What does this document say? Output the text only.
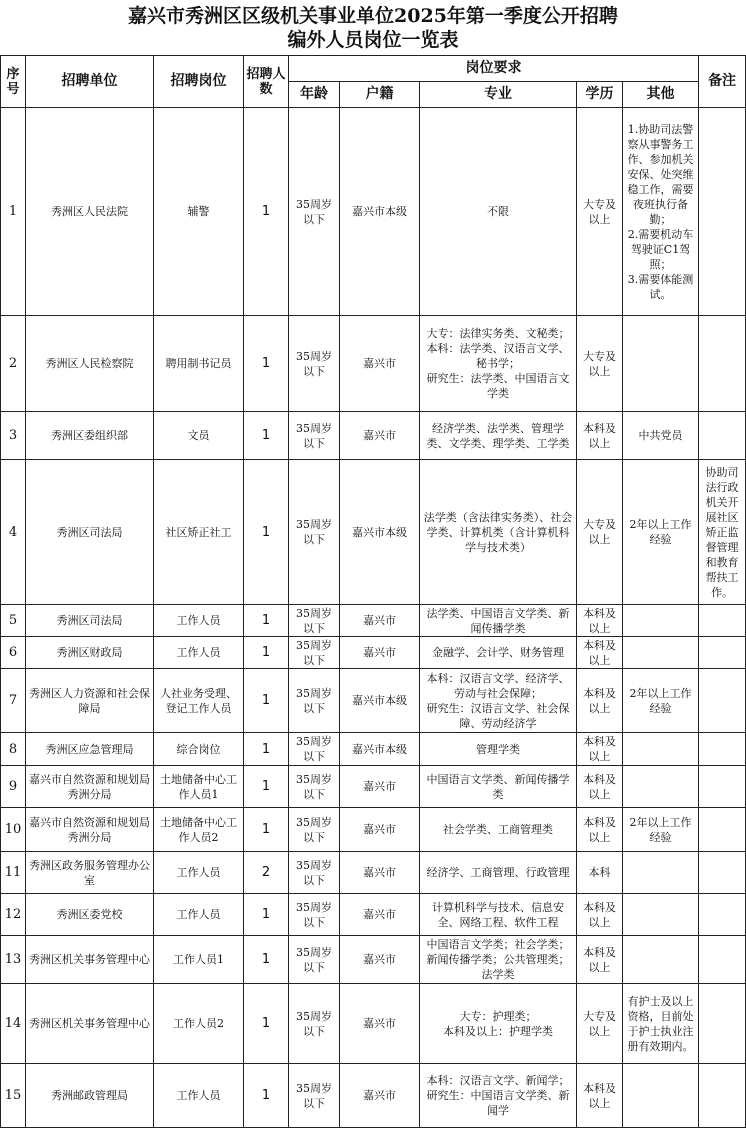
嘉兴市秀洲区区级机关事业单位2025年第一季度公开招聘
编外人员岗位一览表
序号	招聘单位	招聘岗位	招聘人数	岗位要求					备注
				年龄	户籍	专业	学历	其他	
1	秀洲区人民法院	辅警	1	35周岁以下	嘉兴市本级	不限	大专及以上	1.协助司法警察从事警务工作、参加机关安保、处突维稳工作，需要夜班执行备勤；
2.需要机动车驾驶证C1驾照；
3.需要体能测试。	
2	秀洲区人民检察院	聘用制书记员	1	35周岁以下	嘉兴市	大专：法律实务类、文秘类；
本科：法学类、汉语言文学、秘书学；
研究生：法学类、中国语言文学类	大专及以上		
3	秀洲区委组织部	文员	1	35周岁以下	嘉兴市	经济学类、法学类、管理学类、文学类、理学类、工学类	本科及以上	中共党员	
4	秀洲区司法局	社区矫正社工	1	35周岁以下	嘉兴市本级	法学类（含法律实务类）、社会学类、计算机类（含计算机科学与技术类）	大专及以上	2年以上工作经验	协助司法行政机关开展社区矫正监督管理和教育帮扶工作。
5	秀洲区司法局	工作人员	1	35周岁以下	嘉兴市	法学类、中国语言文学类、新闻传播学类	本科及以上		
6	秀洲区财政局	工作人员	1	35周岁以下	嘉兴市	金融学、会计学、财务管理	本科及以上		
7	秀洲区人力资源和社会保障局	人社业务受理、登记工作人员	1	35周岁以下	嘉兴市本级	本科：汉语言文学、经济学、劳动与社会保障；
研究生：汉语言文学、社会保障、劳动经济学	本科及以上	2年以上工作经验	
8	秀洲区应急管理局	综合岗位	1	35周岁以下	嘉兴市本级	管理学类	本科及以上		
9	嘉兴市自然资源和规划局秀洲分局	土地储备中心工作人员1	1	35周岁以下	嘉兴市	中国语言文学类、新闻传播学类	本科及以上		
10	嘉兴市自然资源和规划局秀洲分局	土地储备中心工作人员2	1	35周岁以下	嘉兴市	社会学类、工商管理类	本科及以上	2年以上工作经验	
11	秀洲区政务服务管理办公室	工作人员	2	35周岁以下	嘉兴市	经济学、工商管理、行政管理	本科		
12	秀洲区委党校	工作人员	1	35周岁以下	嘉兴市	计算机科学与技术、信息安全、网络工程、软件工程	本科及以上		
13	秀洲区机关事务管理中心	工作人员1	1	35周岁以下	嘉兴市	中国语言文学类；社会学类；新闻传播学类；公共管理类；法学类	本科及以上		
14	秀洲区机关事务管理中心	工作人员2	1	35周岁以下	嘉兴市	大专：护理类；
本科及以上：护理学类	大专及以上	有护士及以上资格，目前处于护士执业注册有效期内。	
15	秀洲邮政管理局	工作人员	1	35周岁以下	嘉兴市	本科：汉语言文学、新闻学；
研究生：中国语言文学类、新闻学	本科及以上		
